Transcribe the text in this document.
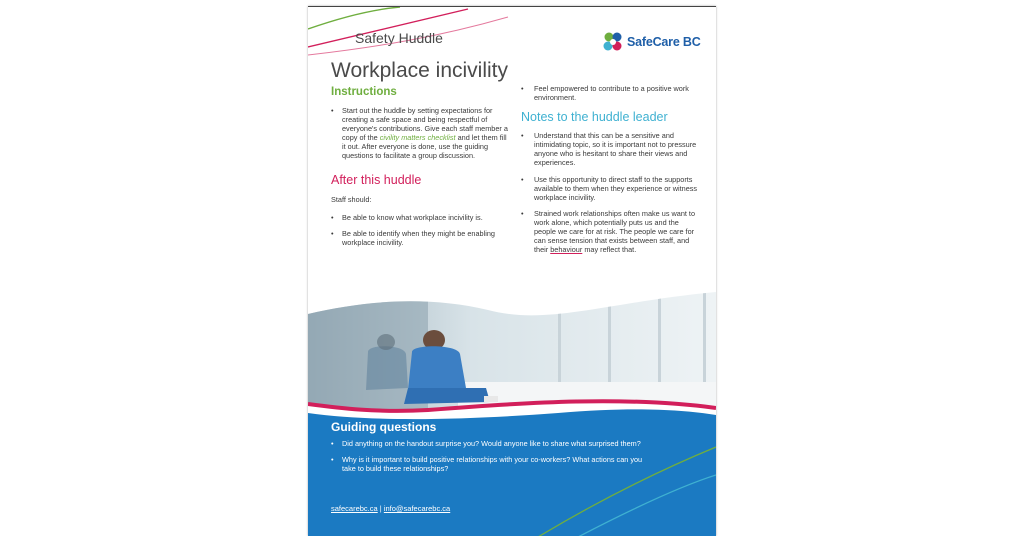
Safety Huddle	SafeCare BC
Workplace incivility
Instructions
• Start out the huddle by setting expectations for creating a safe space and being respectful of everyone's contributions. Give each staff member a copy of the civility matters checklist and let them fill it out. After everyone is done, use the guiding questions to facilitate a group discussion.
After this huddle
Staff should:
• Be able to know what workplace incivility is.
• Be able to identify when they might be enabling workplace incivility.
• Feel empowered to contribute to a positive work environment.
Notes to the huddle leader
• Understand that this can be a sensitive and intimidating topic, so it is important not to pressure anyone who is hesitant to share their views and experiences.
• Use this opportunity to direct staff to the supports available to them when they experience or witness workplace incivility.
• Strained work relationships often make us want to work alone, which potentially puts us and the people we care for at risk. The people we care for can sense tension that exists between staff, and their behaviour may reflect that.
Guiding questions
• Did anything on the handout surprise you? Would anyone like to share what surprised them?
• Why is it important to build positive relationships with your co-workers? What actions can you take to build these relationships?
safecarebc.ca | info@safecarebc.ca
